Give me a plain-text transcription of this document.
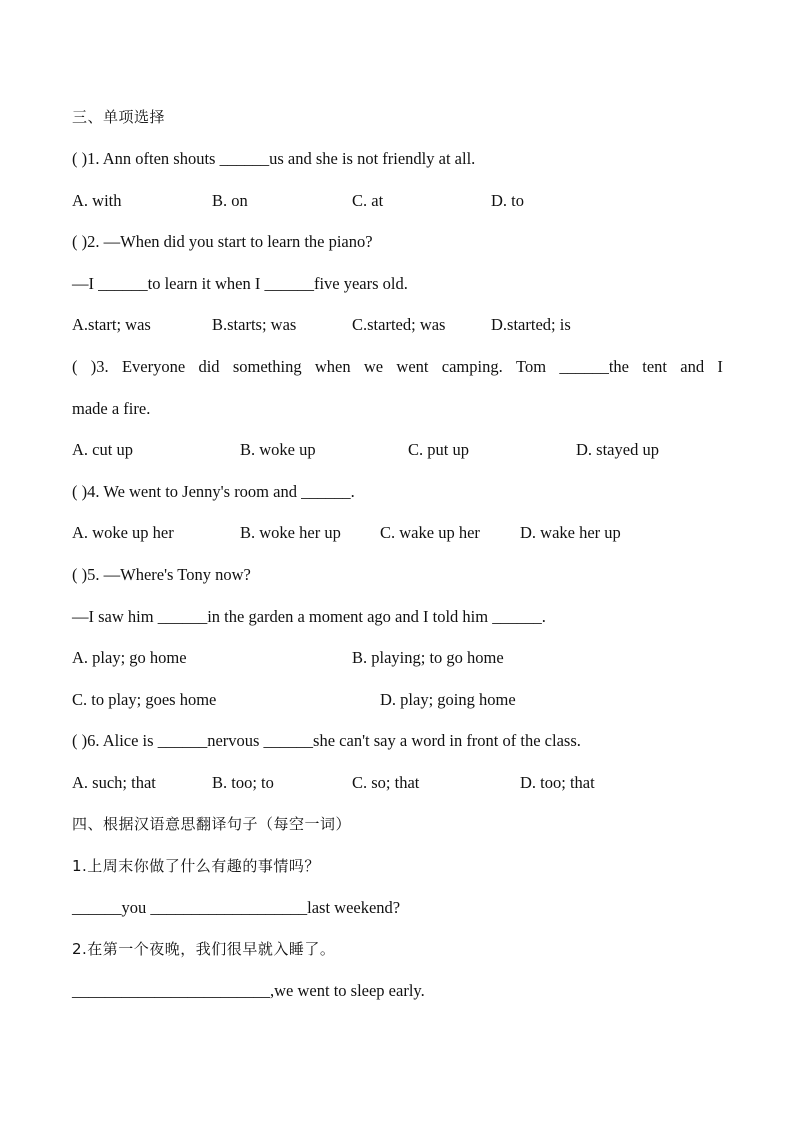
三、单项选择
( )1. Ann often shouts ______us and she is not friendly at all.
A. with	B. on	C. at	D. to
( )2. —When did you start to learn the piano?
—I ______to learn it when I ______five years old.
A.start; was	B.starts; was	C.started; was	D.started; is
( )3. Everyone did something when we went camping. Tom ______the tent and I
made a fire.
A. cut up	B. woke up	C. put up	D. stayed up
( )4. We went to Jenny's room and ______.
A. woke up her	B. woke her up C. wake up her D. wake her up
( )5. —Where's Tony now?
—I saw him ______in the garden a moment ago and I told him ______.
A. play; go home	B. playing; to go home
C. to play; goes home	D. play; going home
( )6. Alice is ______nervous ______she can't say a word in front of the class.
A. such; that	B. too; to	C. so; that	D. too; that
四、根据汉语意思翻译句子（每空一词）
1.上周末你做了什么有趣的事情吗？
______you ___________________last weekend?
2.在第一个夜晚，我们很早就入睡了。
________________________,we went to sleep early.
